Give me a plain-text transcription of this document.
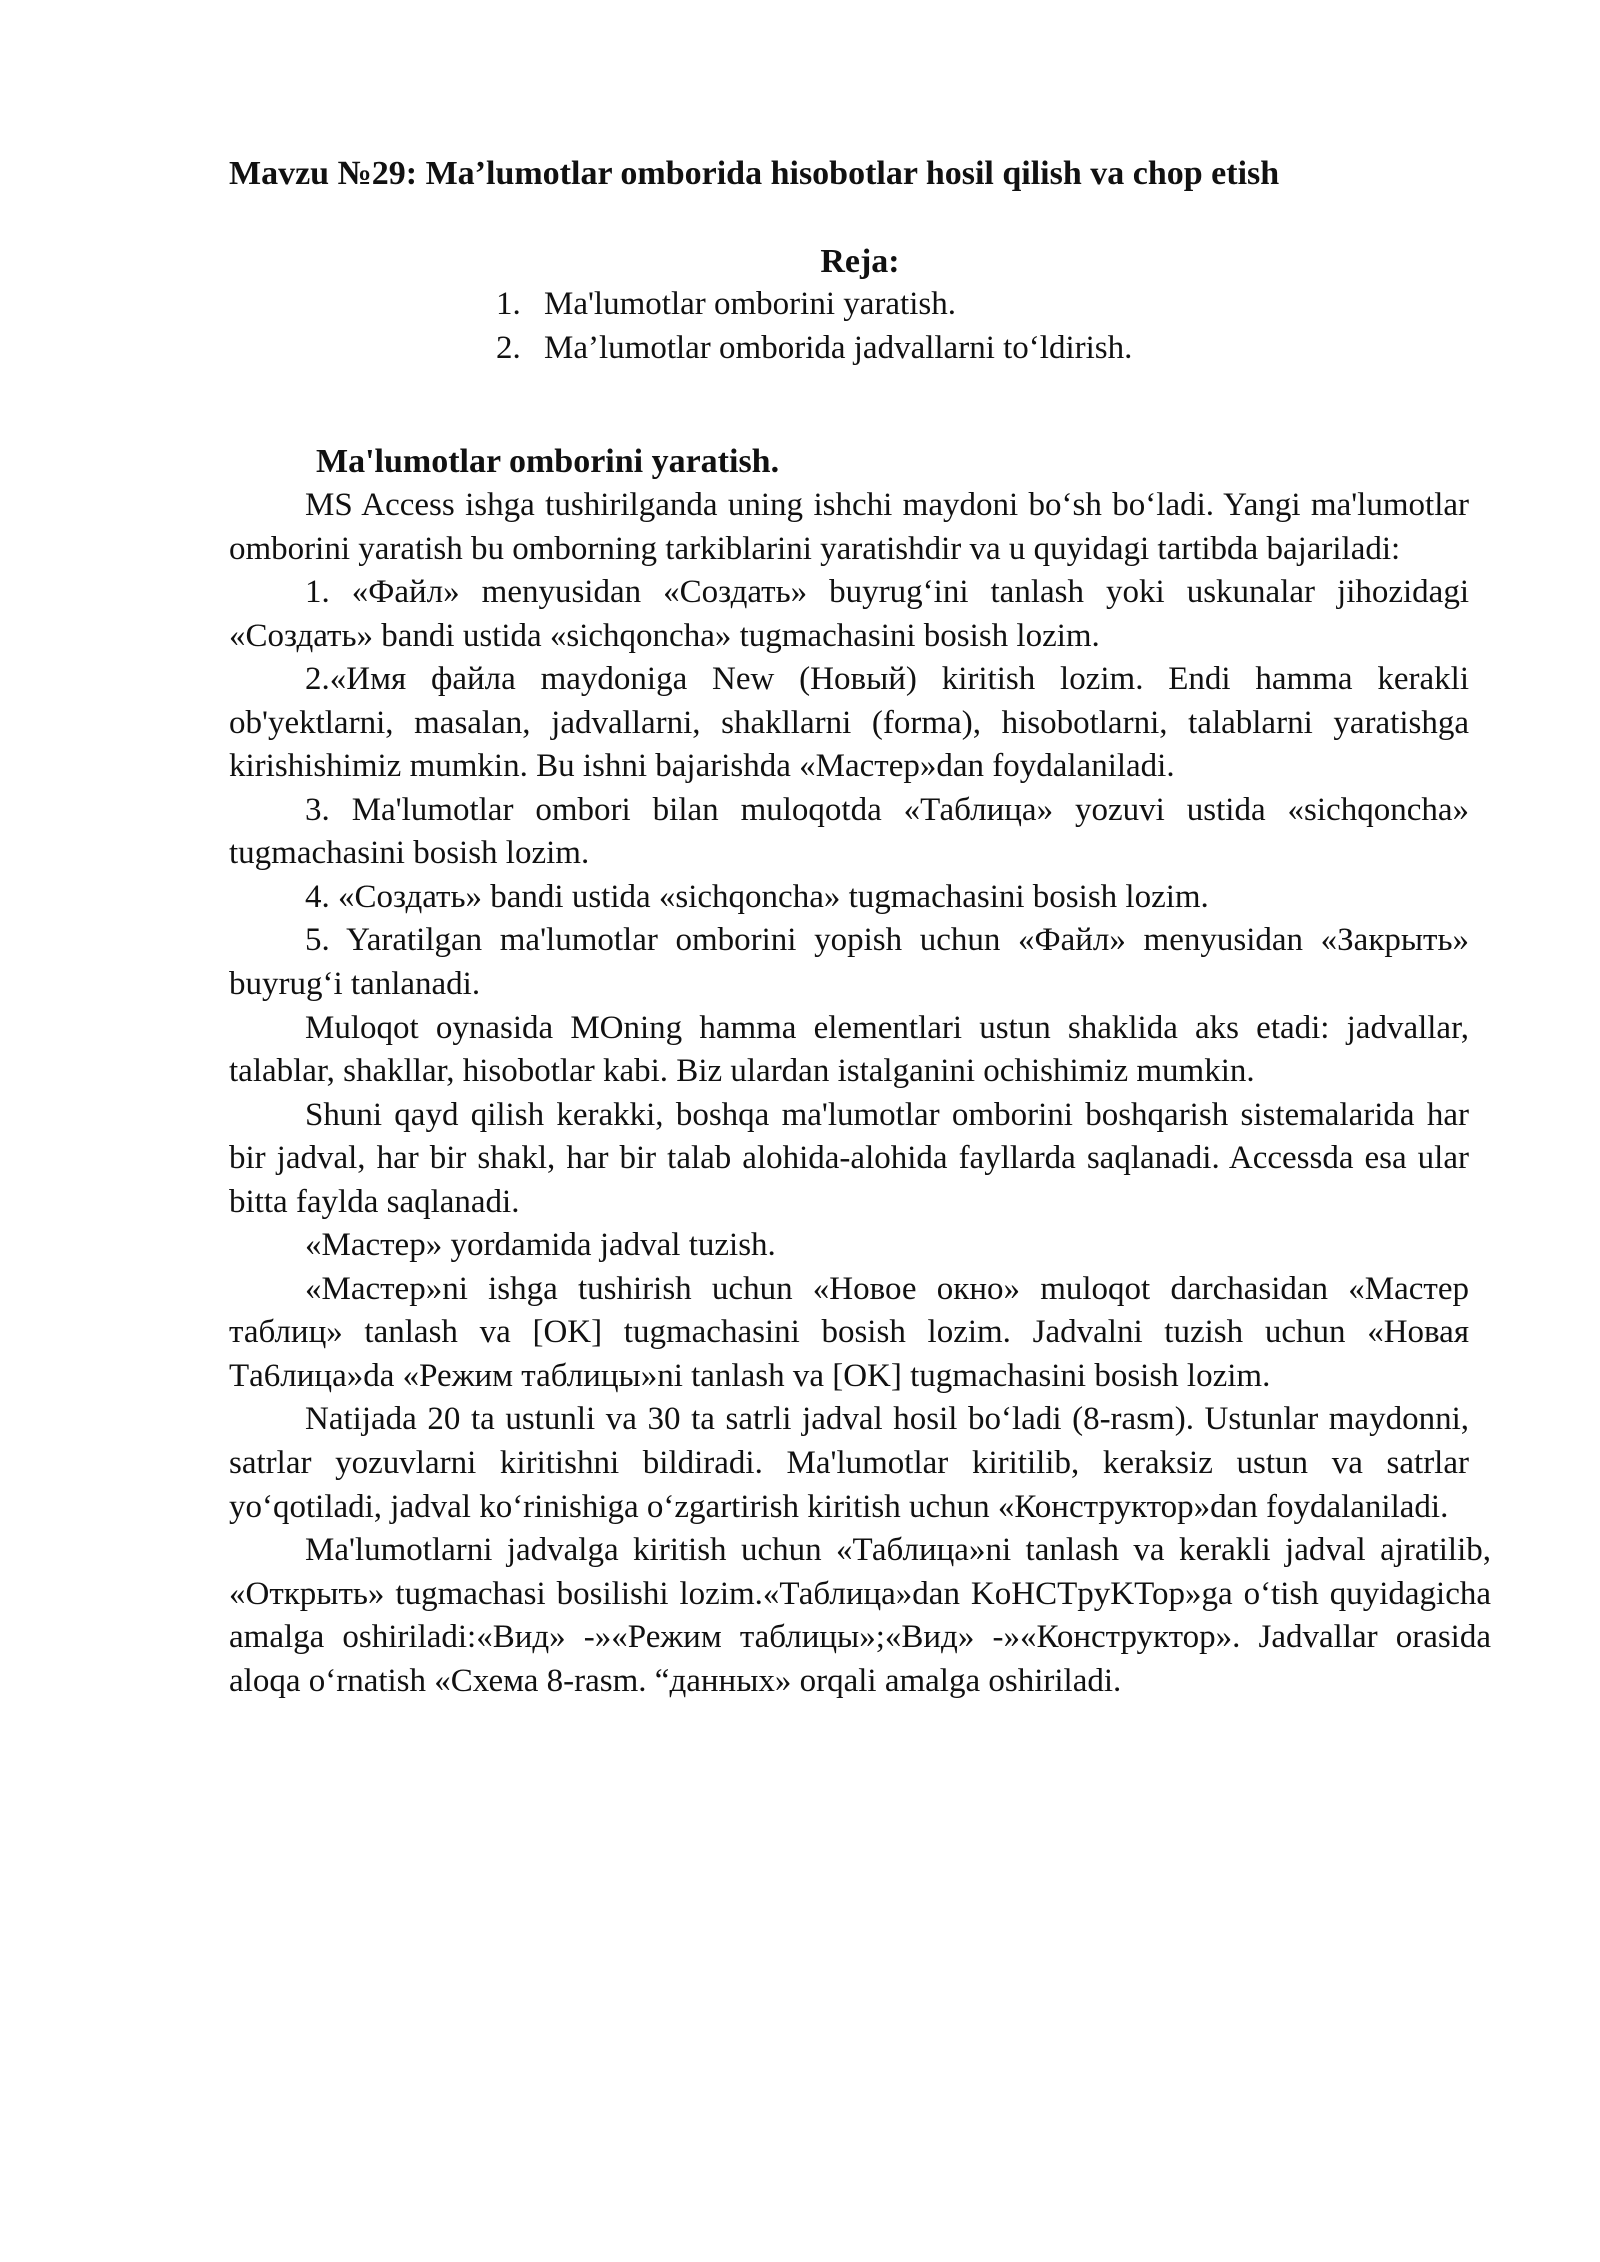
Mavzu №29: Ma’lumotlar omborida hisobotlar hosil qilish va chop etish
Reja:
1. Ma'lumotlar omborini yaratish.
2. Ma’lumotlar omborida jadvallarni to‘ldirish.
Ma'lumotlar omborini yaratish.

MS Access ishga tushirilganda uning ishchi maydoni bo‘sh bo‘ladi. Yangi ma'lumotlar omborini yaratish bu omborning tarkiblarini yaratishdir va u quyidagi tartibda bajariladi:

1. «Файл» menyusidan «Создать» buyrug‘ini tanlash yoki uskunalar jihozidagi «Создать» bandi ustida «sichqoncha» tugmachasini bosish lozim.

2.«Имя файла maydoniga New (Новый) kiritish lozim. Endi hamma kerakli ob'yektlarni, masalan, jadvallarni, shakllarni (forma), hisobotlarni, talablarni yaratishga kirishishimiz mumkin. Bu ishni bajarishda «Мacтep»dan foydalaniladi.

3. Ma'lumotlar ombori bilan muloqotda «Таблица» yozuvi ustida «sichqoncha» tugmachasini bosish lozim.

4. «Создать» bandi ustida «sichqoncha» tugmachasini bosish lozim.

5. Yaratilgan ma'lumotlar omborini yopish uchun «Файл» menyusidan «Закрыть» buyrug‘i tanlanadi.

Muloqot oynasida MOning hamma elementlari ustun shaklida aks etadi: jadvallar, talablar, shakllar, hisobotlar kabi. Biz ulardan istalganini ochishimiz mumkin.

Shuni qayd qilish kerakki, boshqa ma'lumotlar omborini boshqarish sistemalarida har bir jadval, har bir shakl, har bir talab alohida-alohida fayllarda saqlanadi. Accessda esa ular bitta faylda saqlanadi.

«Мастер» yordamida jadval tuzish.

«Мастер»ni ishga tushirish uchun «Новое окно» muloqot darchasidan «Мастер таблиц» tanlash va [OK] tugmachasini bosish lozim. Jadvalni tuzish uchun «Новая Тa6лицa»da «Режим таблицы»ni tanlash va [OK] tugmachasini bosish lozim.

Natijada 20 ta ustunli va 30 ta satrli jadval hosil bo‘ladi (8-rasm). Ustunlar maydonni, satrlar yozuvlarni kiritishni bildiradi. Ma'lumotlar kiritilib, keraksiz ustun va satrlar yo‘qotiladi, jadval ko‘rinishiga o‘zgartirish kiritish uchun «Конструктор»dan foydalaniladi.

Ma'lumotlarni jadvalga kiritish uchun «Таблица»ni tanlash va kerakli jadval ajratilib, «Открыть» tugmachasi bosilishi lozim.«Таблица»dan KoHCTpyKTop»ga o‘tish quyidagicha amalga oshiriladi:«Вид» -»«Режим таблицы»;«Вид» -»«Конструктор». Jadvallar orasida aloqa o‘rnatish «Схема 8-rasm. “данных» orqali amalga oshiriladi.
